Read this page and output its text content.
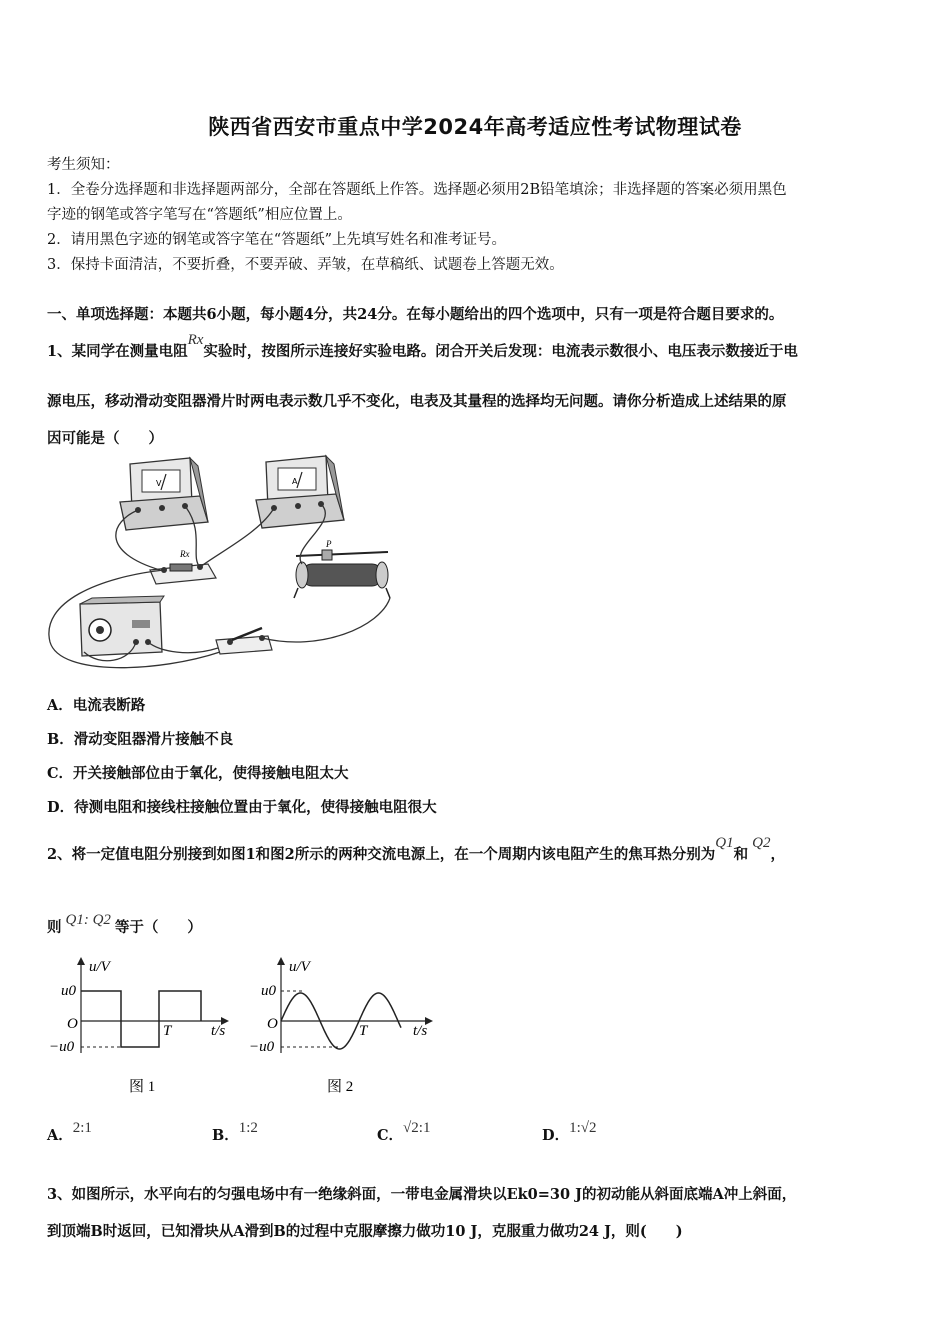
陕西省西安市重点中学2024年高考适应性考试物理试卷
考生须知：
1．全卷分选择题和非选择题两部分，全部在答题纸上作答。选择题必须用2B铅笔填涂；非选择题的答案必须用黑色
字迹的钢笔或答字笔写在“答题纸”相应位置上。
2．请用黑色字迹的钢笔或答字笔在“答题纸”上先填写姓名和准考证号。
3．保持卡面清洁，不要折叠，不要弄破、弄皱，在草稿纸、试题卷上答题无效。
一、单项选择题：本题共6小题，每小题4分，共24分。在每小题给出的四个选项中，只有一项是符合题目要求的。
1、某同学在测量电阻Rx实验时，按图所示连接好实验电路。闭合开关后发现：电流表示数很小、电压表示数接近于电
源电压，移动滑动变阻器滑片时两电表示数几乎不变化，电表及其量程的选择均无问题。请你分析造成上述结果的原
因可能是（　　）
V	A
Rx
P
A．电流表断路
B．滑动变阻器滑片接触不良
C．开关接触部位由于氧化，使得接触电阻太大
D．待测电阻和接线柱接触位置由于氧化，使得接触电阻很大
2、将一定值电阻分别接到如图1和图2所示的两种交流电源上，在一个周期内该电阻产生的焦耳热分别为Q1和Q2，
则 Q1: Q2 等于（　　）
u/V
u0
O
−u0
T	t/s
图 1
u/V
u0
O
−u0
T	t/s
图 2
A．2:1	B．1:2	C．√2:1	D．1:√2
3、如图所示，水平向右的匀强电场中有一绝缘斜面，一带电金属滑块以Ek0=30 J的初动能从斜面底端A冲上斜面，
到顶端B时返回，已知滑块从A滑到B的过程中克服摩擦力做功10 J，克服重力做功24 J，则(　　)
